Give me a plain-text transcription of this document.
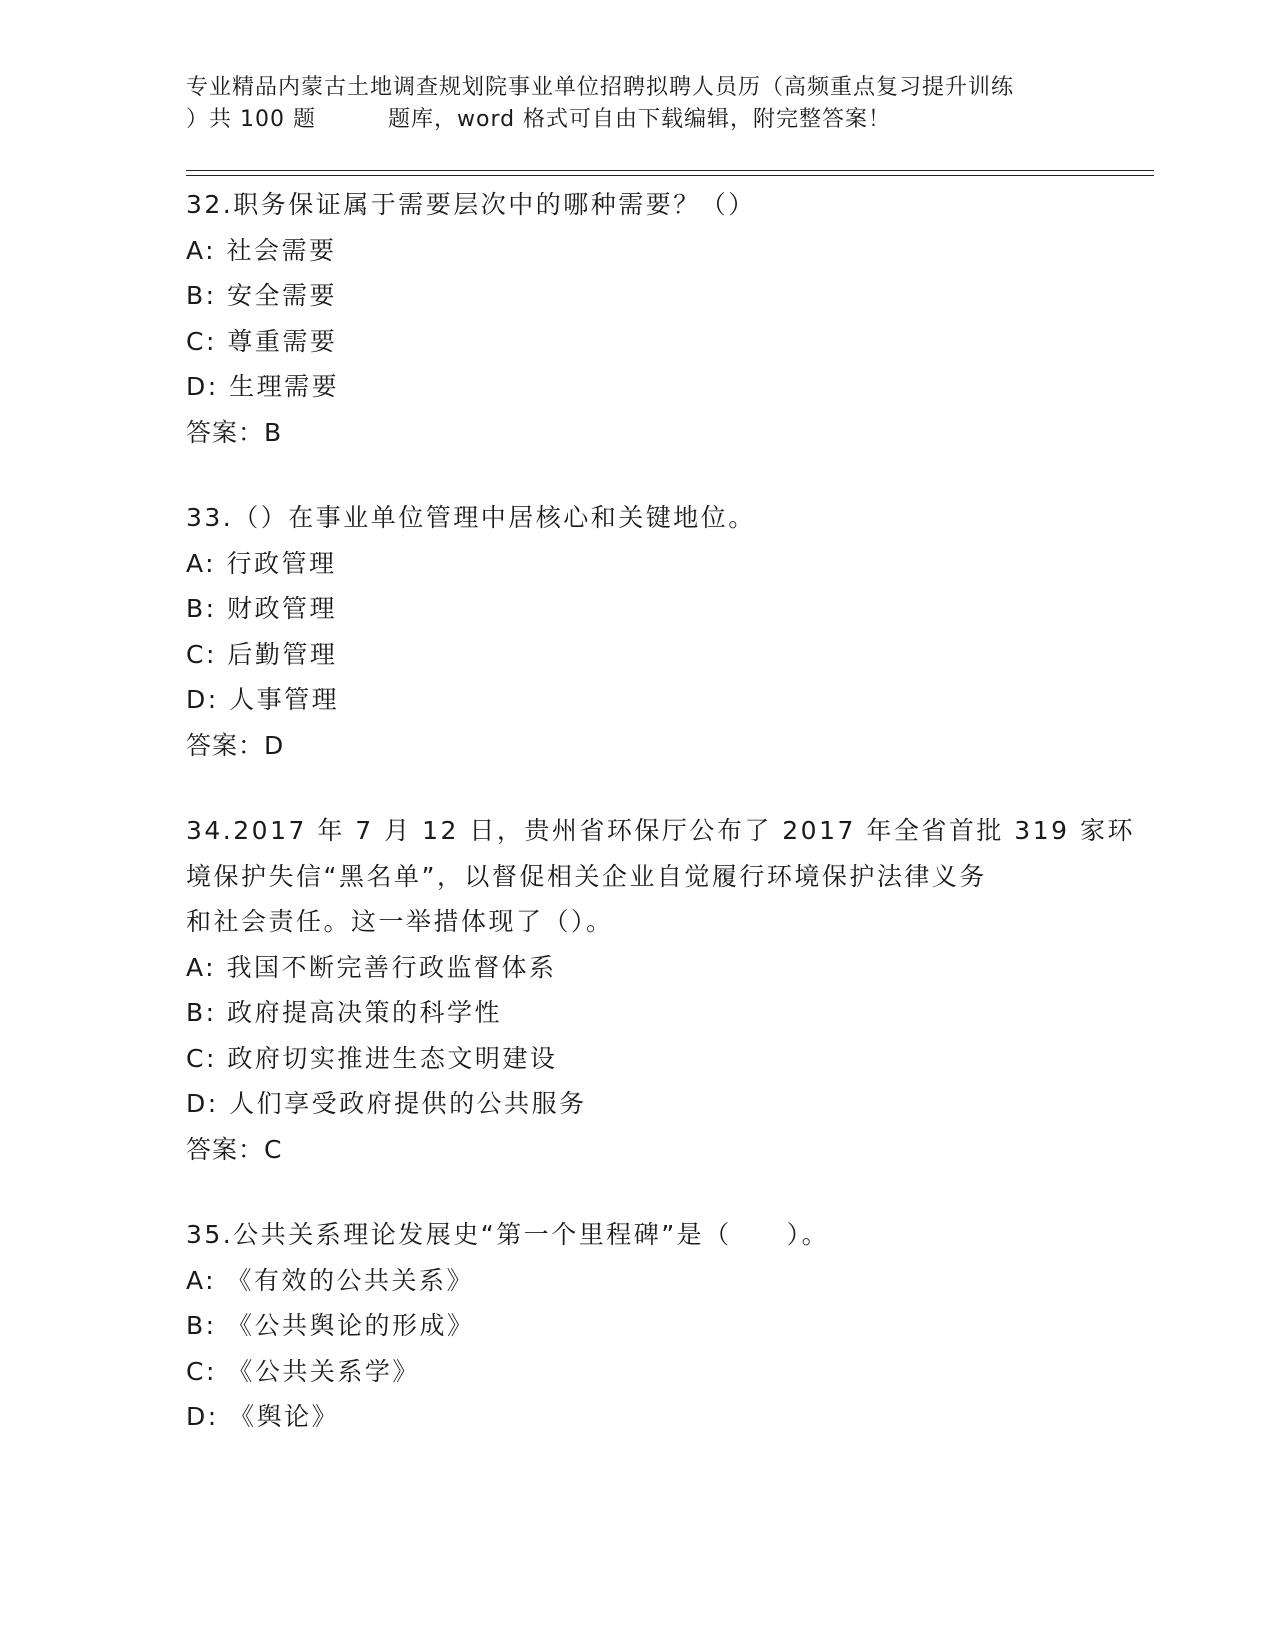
专业精品内蒙古土地调查规划院事业单位招聘拟聘人员历（高频重点复习提升训练
）共 100 题	题库，word 格式可自由下载编辑，附完整答案！
32.职务保证属于需要层次中的哪种需要？（）
A: 社会需要
B: 安全需要
C: 尊重需要
D: 生理需要
答案：B
33.（）在事业单位管理中居核心和关键地位。
A: 行政管理
B: 财政管理
C: 后勤管理
D: 人事管理
答案：D
34.2017 年 7 月 12 日，贵州省环保厅公布了 2017 年全省首批 319 家环
境保护失信“黑名单”，以督促相关企业自觉履行环境保护法律义务
和社会责任。这一举措体现了（）。
A: 我国不断完善行政监督体系
B: 政府提高决策的科学性
C: 政府切实推进生态文明建设
D: 人们享受政府提供的公共服务
答案：C
35.公共关系理论发展史“第一个里程碑”是（　　）。
A: 《有效的公共关系》
B: 《公共舆论的形成》
C: 《公共关系学》
D: 《舆论》
